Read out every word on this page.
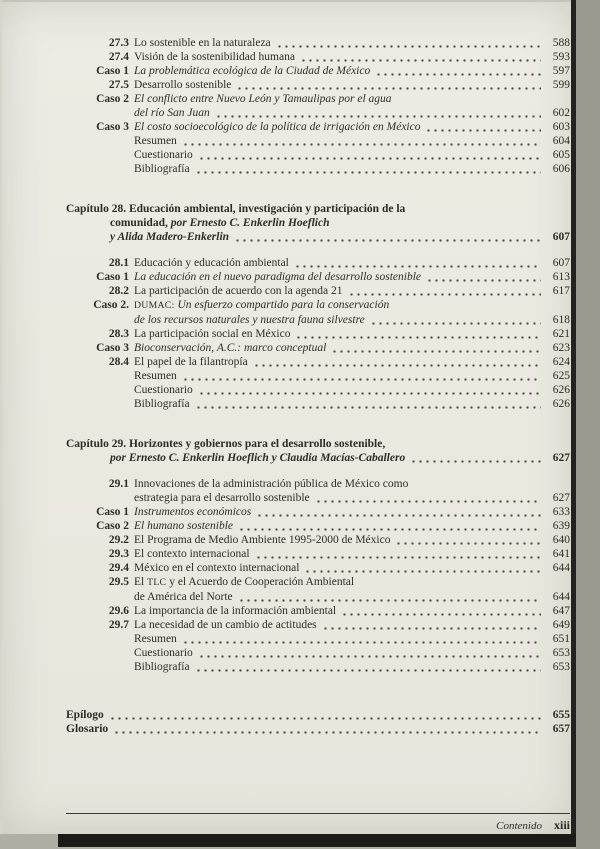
27.3 Lo sostenible en la naturaleza	588
27.4 Visión de la sostenibilidad humana	593
Caso 1 La problemática ecológica de la Ciudad de México	597
27.5 Desarrollo sostenible	599
Caso 2 El conflicto entre Nuevo León y Tamaulipas por el agua
del río San Juan	602
Caso 3 El costo socioecológico de la política de irrigación en México	603
Resumen	604
Cuestionario	605
Bibliografía	606
Capítulo 28. Educación ambiental, investigación y participación de la
comunidad, por Ernesto C. Enkerlin Hoeflich
y Alida Madero-Enkerlin	607
28.1 Educación y educación ambiental	607
Caso 1 La educación en el nuevo paradigma del desarrollo sostenible	613
28.2 La participación de acuerdo con la agenda 21	617
Caso 2. DUMAC: Un esfuerzo compartido para la conservación
de los recursos naturales y nuestra fauna silvestre	618
28.3 La participación social en México	621
Caso 3 Bioconservación, A.C.: marco conceptual	623
28.4 El papel de la filantropía	624
Resumen	625
Cuestionario	626
Bibliografía	626
Capítulo 29. Horizontes y gobiernos para el desarrollo sostenible,
por Ernesto C. Enkerlin Hoeflich y Claudia Macías-Caballero	627
29.1 Innovaciones de la administración pública de México como
estrategia para el desarrollo sostenible	627
Caso 1 Instrumentos económicos	633
Caso 2 El humano sostenible	639
29.2 El Programa de Medio Ambiente 1995-2000 de México	640
29.3 El contexto internacional	641
29.4 México en el contexto internacional	644
29.5 El TLC y el Acuerdo de Cooperación Ambiental
de América del Norte	644
29.6 La importancia de la información ambiental	647
29.7 La necesidad de un cambio de actitudes	649
Resumen	651
Cuestionario	653
Bibliografía	653
Epílogo	655
Glosario	657
Contenido xiii
